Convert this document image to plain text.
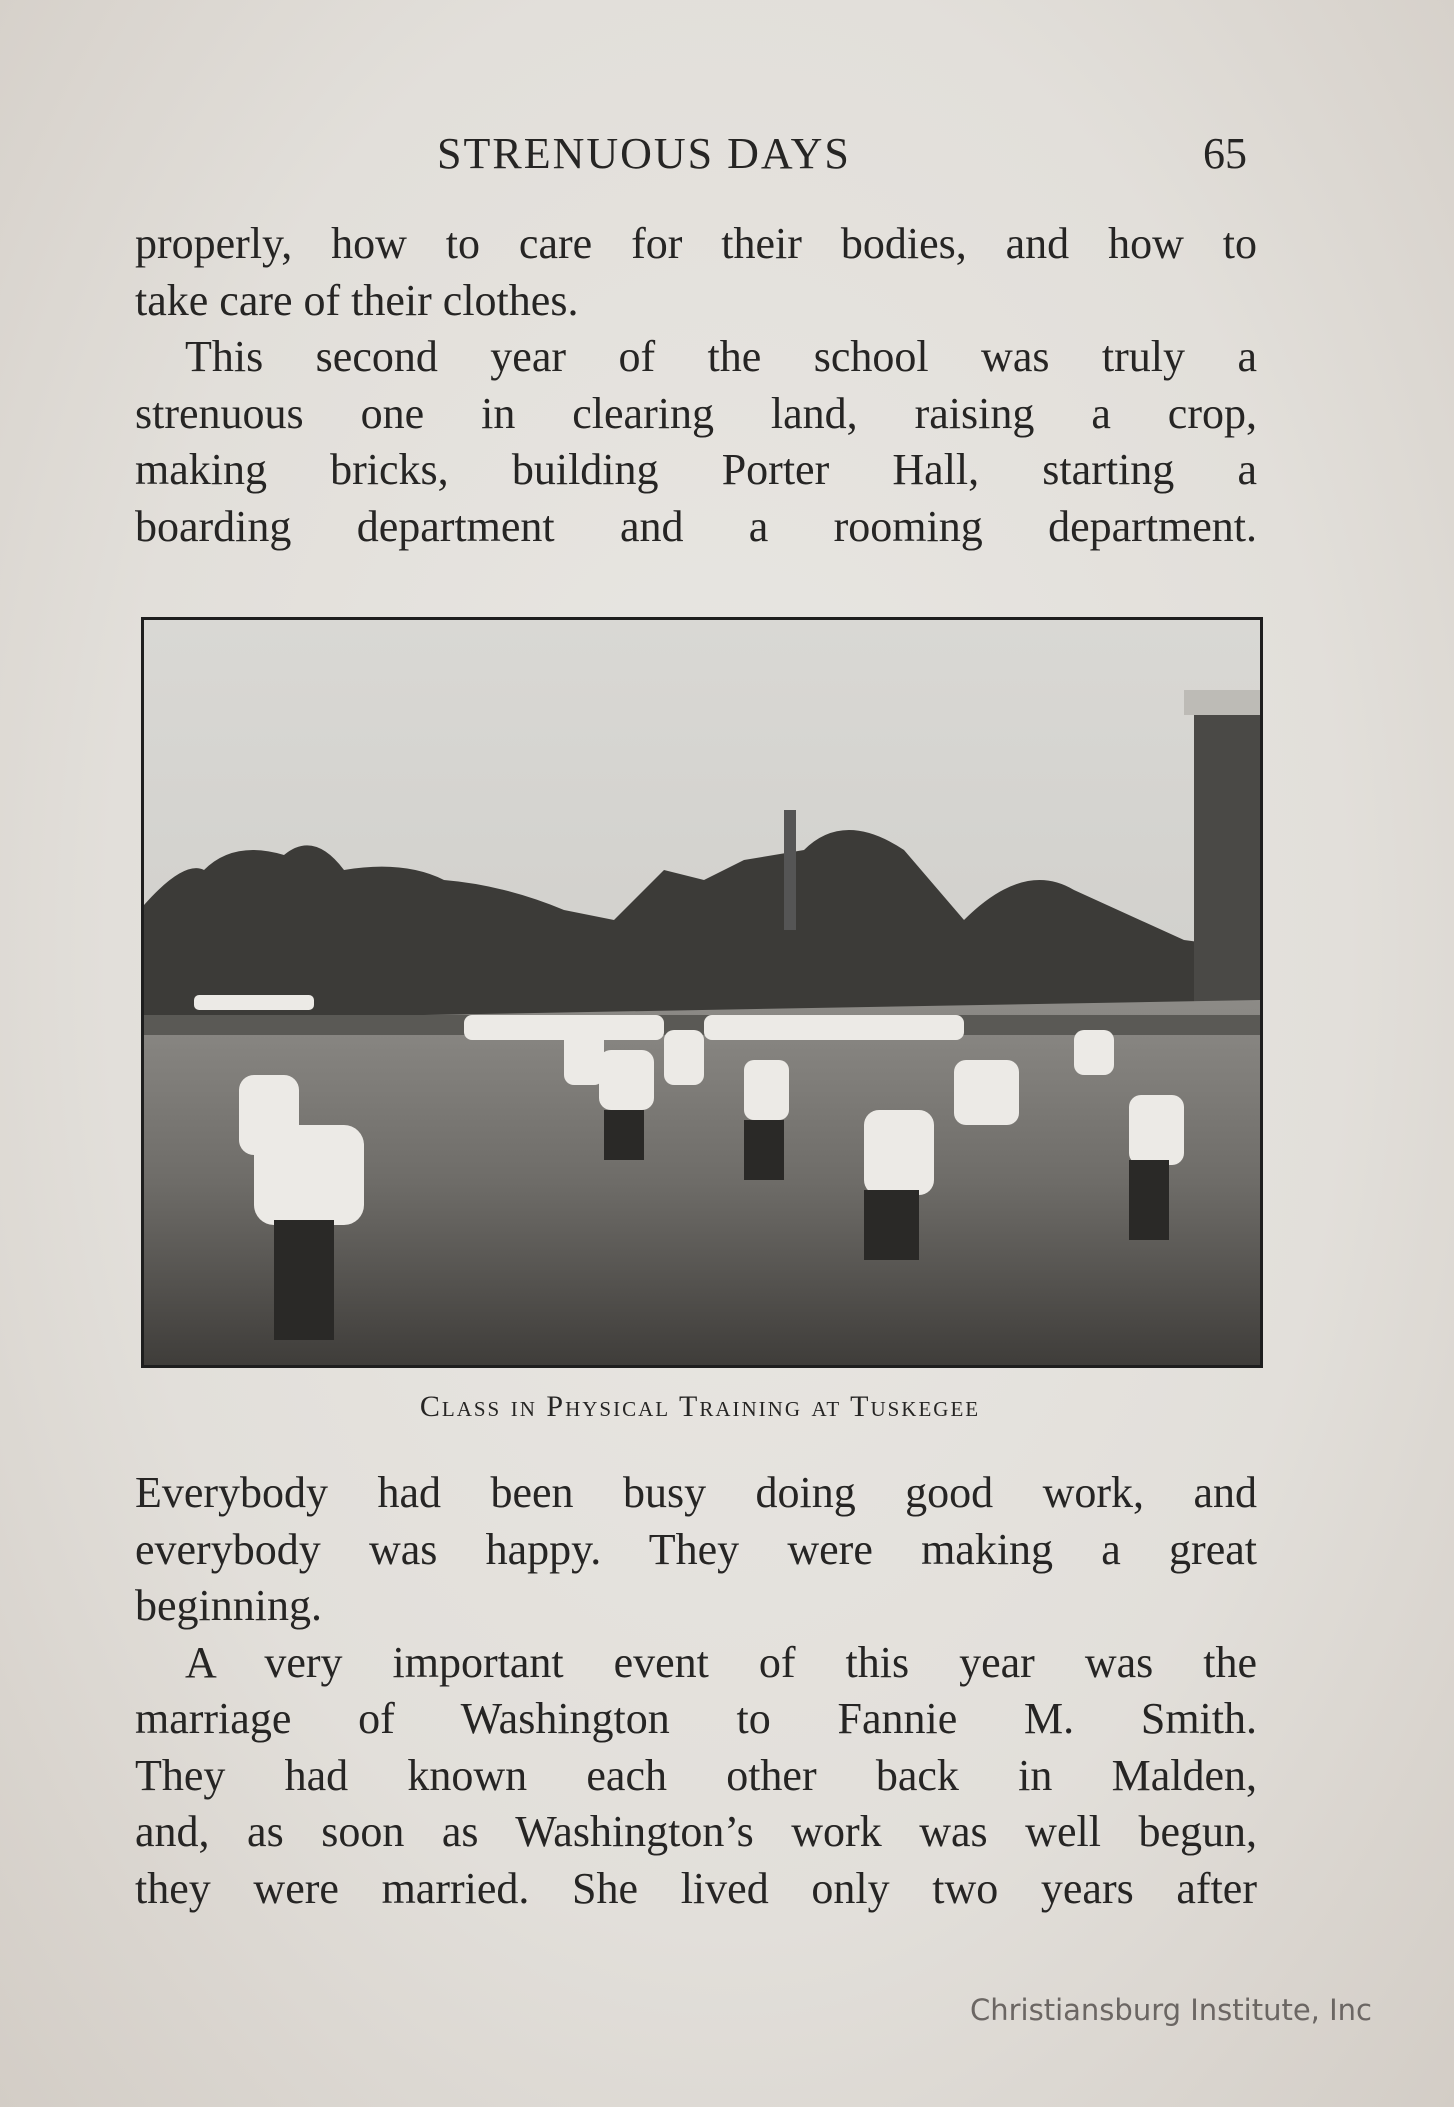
STRENUOUS DAYS	65
properly, how to care for their bodies, and how to
take care of their clothes.
This second year of the school was truly a
strenuous one in clearing land, raising a crop,
making bricks, building Porter Hall, starting a
boarding department and a rooming department.
Class in Physical Training at Tuskegee
Everybody had been busy doing good work, and
everybody was happy. They were making a great
beginning.
A very important event of this year was the
marriage of Washington to Fannie M. Smith.
They had known each other back in Malden,
and, as soon as Washington’s work was well begun,
they were married. She lived only two years after
Christiansburg Institute, Inc
